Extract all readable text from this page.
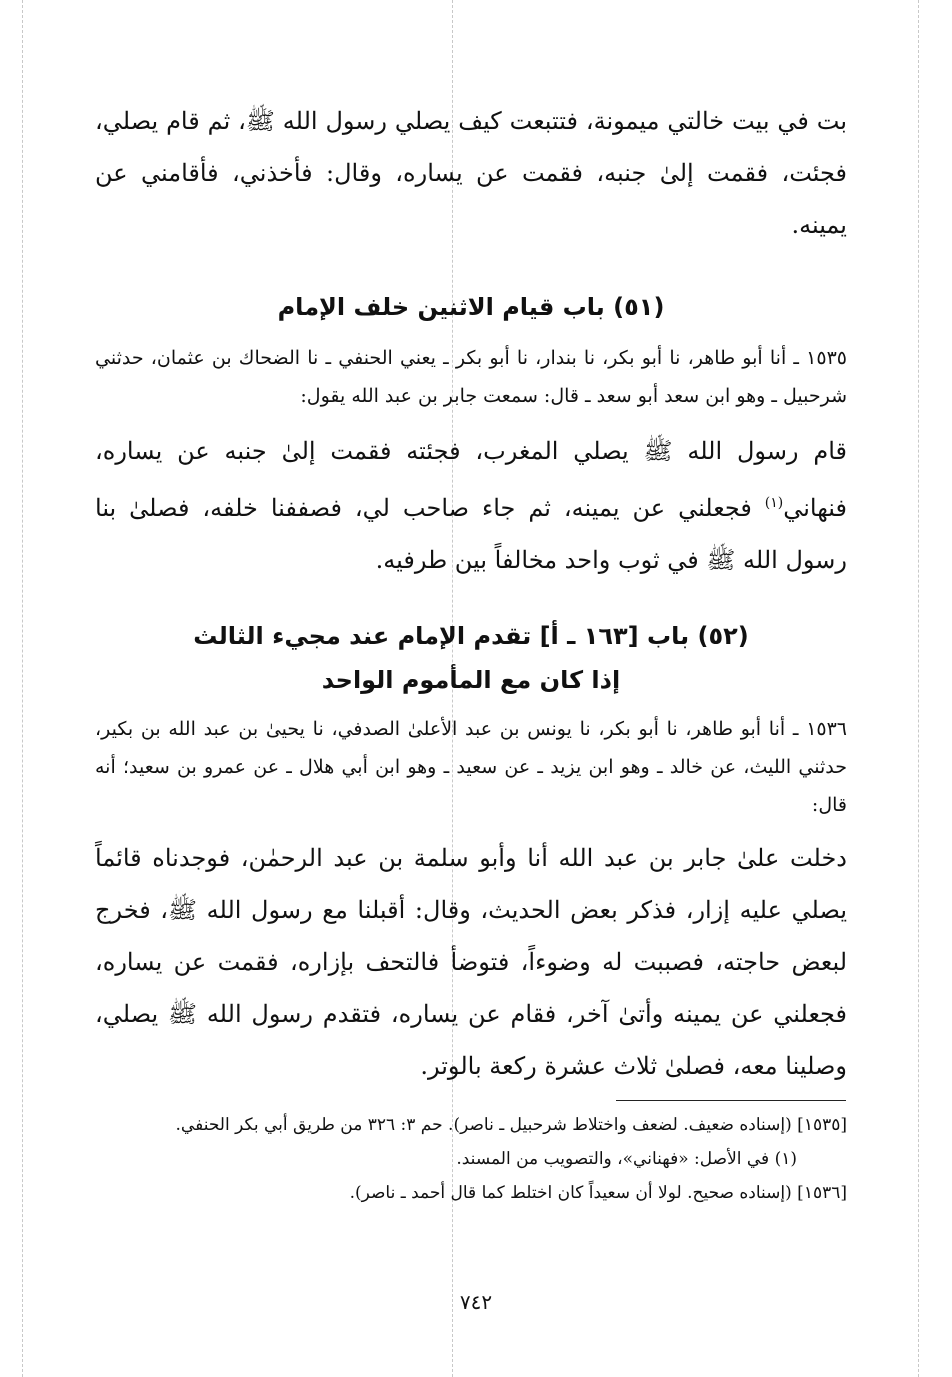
بت في بيت خالتي ميمونة، فتتبعت كيف يصلي رسول الله ﷺ، ثم قام يصلي، فجئت، فقمت إلىٰ جنبه، فقمت عن يساره، وقال: فأخذني، فأقامني عن يمينه.

(٥١) باب قيام الاثنين خلف الإمام

١٥٣٥ ـ أنا أبو طاهر، نا أبو بكر، نا بندار، نا أبو بكر ـ يعني الحنفي ـ نا الضحاك بن عثمان، حدثني شرحبيل ـ وهو ابن سعد أبو سعد ـ قال: سمعت جابر بن عبد الله يقول:

قام رسول الله ﷺ يصلي المغرب، فجئته فقمت إلىٰ جنبه عن يساره، فنهاني$^{(١)}$ فجعلني عن يمينه، ثم جاء صاحب لي، فصففنا خلفه، فصلىٰ بنا رسول الله ﷺ في ثوب واحد مخالفاً بين طرفيه.

(٥٢) باب [١٦٣ ـ أ] تقدم الإمام عند مجيء الثالث
إذا كان مع المأموم الواحد

١٥٣٦ ـ أنا أبو طاهر، نا أبو بكر، نا يونس بن عبد الأعلىٰ الصدفي، نا يحيىٰ بن عبد الله بن بكير، حدثني الليث، عن خالد ـ وهو ابن يزيد ـ عن سعيد ـ وهو ابن أبي هلال ـ عن عمرو بن سعيد؛ أنه قال:

دخلت علىٰ جابر بن عبد الله أنا وأبو سلمة بن عبد الرحمٰن، فوجدناه قائماً يصلي عليه إزار، فذكر بعض الحديث، وقال: أقبلنا مع رسول الله ﷺ، فخرج لبعض حاجته، فصببت له وضوءاً، فتوضأ فالتحف بإزاره، فقمت عن يساره، فجعلني عن يمينه وأتىٰ آخر، فقام عن يساره، فتقدم رسول الله ﷺ يصلي، وصلينا معه، فصلىٰ ثلاث عشرة ركعة بالوتر.

[١٥٣٥] (إسناده ضعيف. لضعف واختلاط شرحبيل ـ ناصر). حم ٣: ٣٢٦ من طريق أبي بكر الحنفي.

(١) في الأصل: «فهناني»، والتصويب من المسند.

[١٥٣٦] (إسناده صحيح. لولا أن سعيداً كان اختلط كما قال أحمد ـ ناصر).

٧٤٢
